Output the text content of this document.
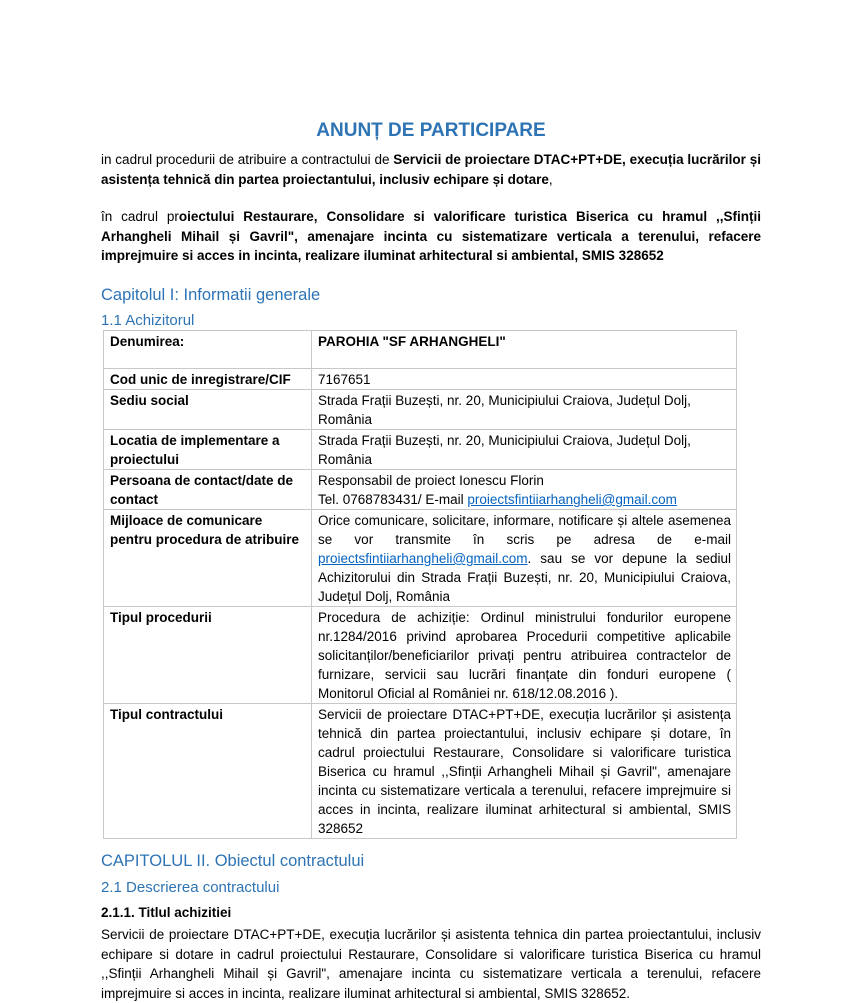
ANUNȚ DE PARTICIPARE
in cadrul procedurii de atribuire a contractului de Servicii de proiectare DTAC+PT+DE, execuția lucrărilor și asistența tehnică din partea proiectantului, inclusiv echipare și dotare,
în cadrul proiectului Restaurare, Consolidare si valorificare turistica Biserica cu hramul ,,Sfinții Arhangheli Mihail și Gavril", amenajare incinta cu sistematizare verticala a terenului, refacere imprejmuire si acces in incinta, realizare iluminat arhitectural si ambiental, SMIS 328652
Capitolul I: Informatii generale
1.1 Achizitorul
Denumirea:	PAROHIA "SF ARHANGHELI"
Cod unic de inregistrare/CIF	7167651
Sediu social	Strada Frații Buzești, nr. 20, Municipiului Craiova, Județul Dolj, România
Locatia de implementare a proiectului	Strada Frații Buzești, nr. 20, Municipiului Craiova, Județul Dolj, România
Persoana de contact/date de contact	Responsabil de proiect Ionescu Florin
Tel. 0768783431/ E-mail proiectsfintiiarhangheli@gmail.com

Mijloace de comunicare pentru procedura de atribuire	Orice comunicare, solicitare, informare, notificare și altele asemenea se vor transmite în scris pe adresa de e-mail proiectsfintiiarhangheli@gmail.com. sau se vor depune la sediul Achizitorului din Strada Frații Buzești, nr. 20, Municipiului Craiova, Județul Dolj, România
Tipul procedurii	Procedura de achiziție: Ordinul ministrului fondurilor europene nr.1284/2016 privind aprobarea Procedurii competitive aplicabile solicitanților/beneficiarilor privați pentru atribuirea contractelor de furnizare, servicii sau lucrări finanțate din fonduri europene ( Monitorul Oficial al României nr. 618/12.08.2016 ).
Tipul contractului	Servicii de proiectare DTAC+PT+DE, execuția lucrărilor și asistența tehnică din partea proiectantului, inclusiv echipare și dotare, în cadrul proiectului Restaurare, Consolidare si valorificare turistica Biserica cu hramul ,,Sfinții Arhangheli Mihail și Gavril", amenajare incinta cu sistematizare verticala a terenului, refacere imprejmuire si acces in incinta, realizare iluminat arhitectural si ambiental, SMIS 328652
CAPITOLUL II. Obiectul contractului
2.1 Descrierea contractului
2.1.1. Titlul achizitiei
Servicii de proiectare DTAC+PT+DE, execuția lucrărilor și asistenta tehnica din partea proiectantului, inclusiv echipare si dotare in cadrul proiectului Restaurare, Consolidare si valorificare turistica Biserica cu hramul ,,Sfinții Arhangheli Mihail și Gavril", amenajare incinta cu sistematizare verticala a terenului, refacere imprejmuire si acces in incinta, realizare iluminat arhitectural si ambiental, SMIS 328652.
